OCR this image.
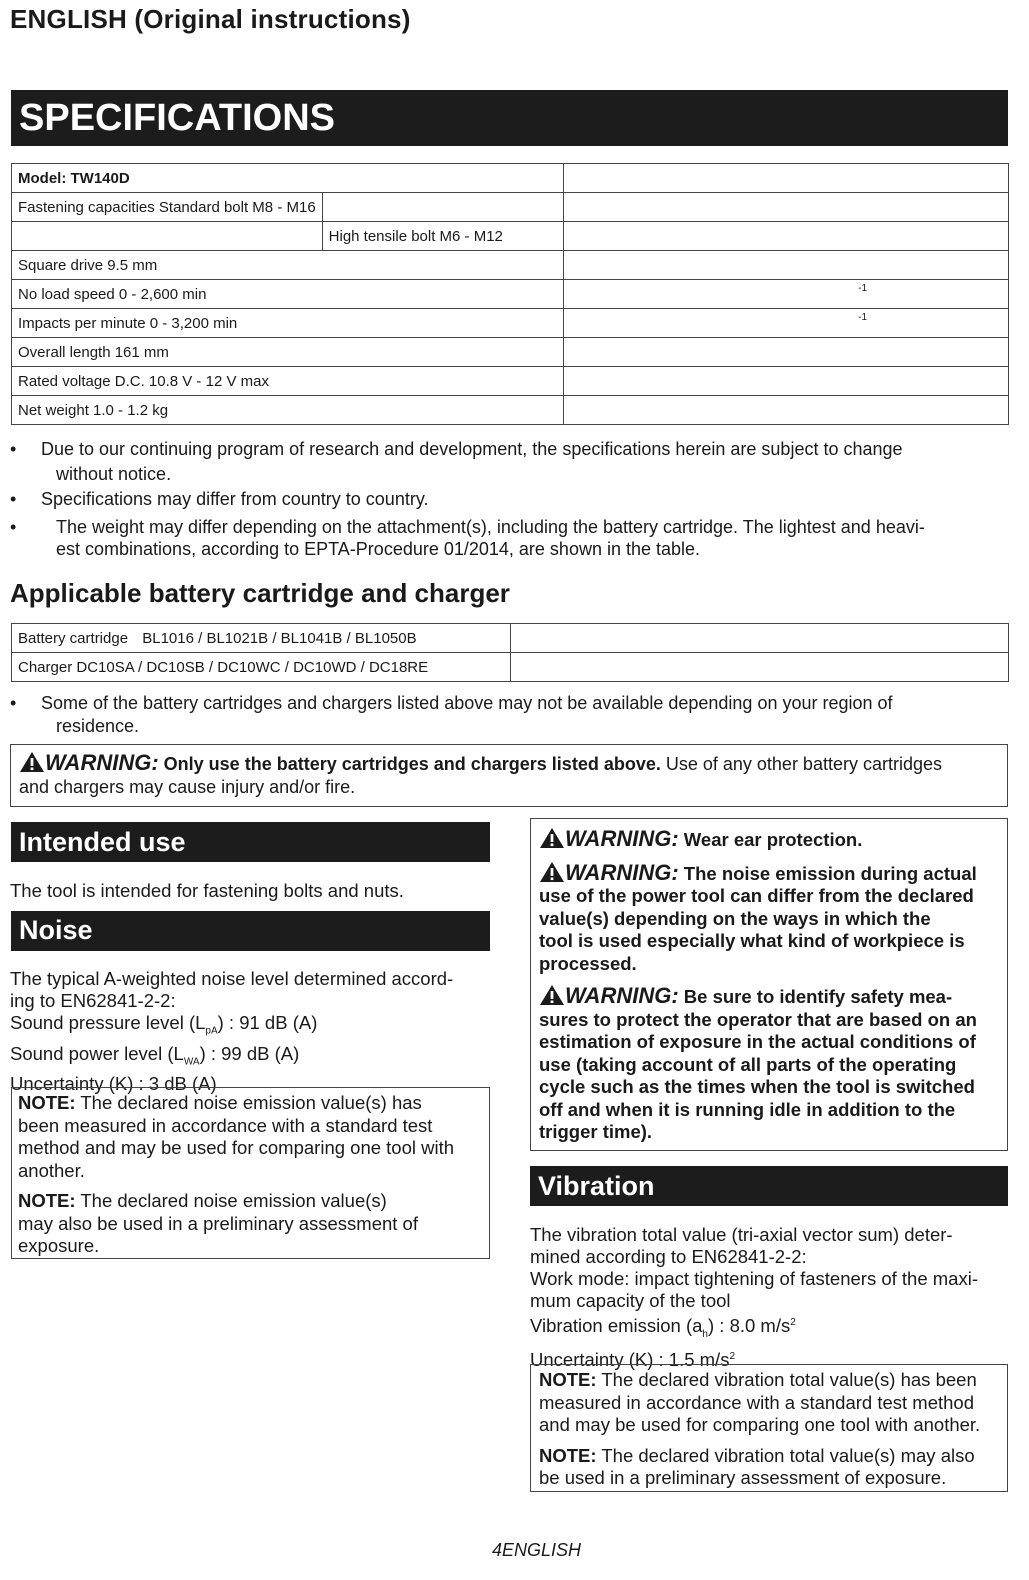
ENGLISH (Original instructions)
SPECIFICATIONS
Model: TW140D		
Fastening capacities Standard bolt M8 - M16		
	High tensile bolt M6 - M12	
Square drive 9.5 mm		
No load speed 0 - 2,600 min		-1

Impacts per minute 0 - 3,200 min		-1

Overall length 161 mm		
Rated voltage D.C. 10.8 V - 12 V max		
Net weight 1.0 - 1.2 kg		
• Due to our continuing program of research and development, the specifications herein are subject to change
without notice.
• Specifications may differ from country to country.
• The weight may differ depending on the attachment(s), including the battery cartridge. The lightest and heavi-
est combinations, according to EPTA-Procedure 01/2014, are shown in the table.
Applicable battery cartridge and charger
Battery cartridge BL1016 / BL1021B / BL1041B / BL1050B	
Charger DC10SA / DC10SB / DC10WC / DC10WD / DC18RE	
• Some of the battery cartridges and chargers listed above may not be available depending on your region of
residence.
WARNING: Only use the battery cartridges and chargers listed above. Use of any other battery cartridges
and chargers may cause injury and/or fire.
Intended use
The tool is intended for fastening bolts and nuts.
Noise
The typical A-weighted noise level determined accord-
ing to EN62841-2-2:
Sound pressure level $(L_{pA})$ : 91 dB (A)
Sound power level $(L_{WA})$ : 99 dB (A)
Uncertainty (K) : 3 dB (A)
NOTE: The declared noise emission value(s) has
been measured in accordance with a standard test
method and may be used for comparing one tool with
another.
NOTE: The declared noise emission value(s)
may also be used in a preliminary assessment of
exposure.
WARNING: Wear ear protection.
WARNING: The noise emission during actual
use of the power tool can differ from the declared
value(s) depending on the ways in which the
tool is used especially what kind of workpiece is
processed.
WARNING: Be sure to identify safety mea-
sures to protect the operator that are based on an
estimation of exposure in the actual conditions of
use (taking account of all parts of the operating
cycle such as the times when the tool is switched
off and when it is running idle in addition to the
trigger time).
Vibration
The vibration total value (tri-axial vector sum) deter-
mined according to EN62841-2-2:
Work mode: impact tightening of fasteners of the maxi-
mum capacity of the tool
Vibration emission $(a_h)$ : 8.0 $m/s^2$
Uncertainty (K) : 1.5 $m/s^2$
NOTE: The declared vibration total value(s) has been
measured in accordance with a standard test method
and may be used for comparing one tool with another.
NOTE: The declared vibration total value(s) may also
be used in a preliminary assessment of exposure.
4ENGLISH
